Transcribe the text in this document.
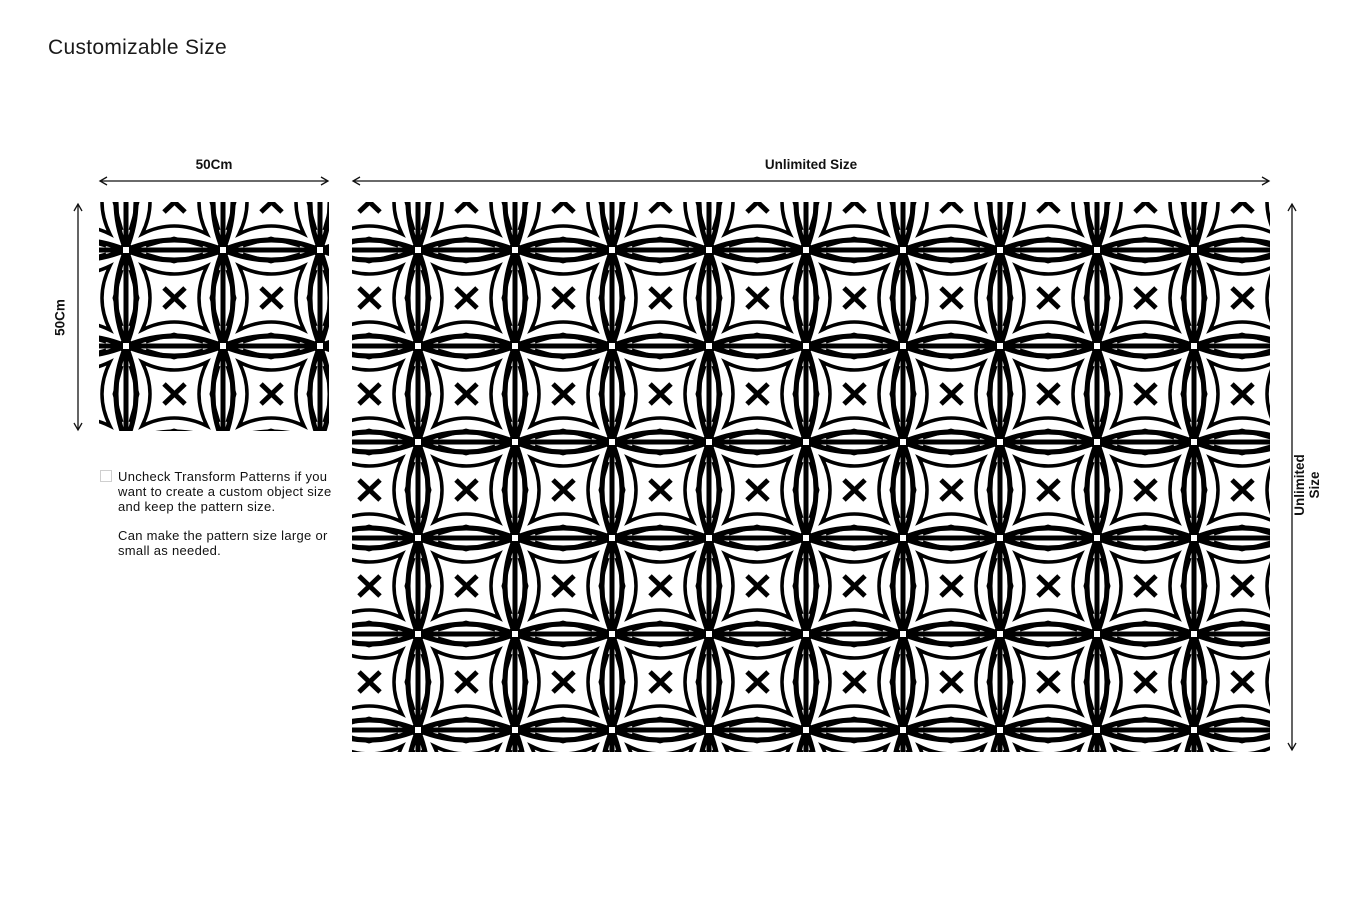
Customizable Size
50Cm	Unlimited Size
50Cm
Unlimited Size

Uncheck Transform Patterns if you want to create a custom object size and keep the pattern size.

Can make the pattern size large or small as needed.
